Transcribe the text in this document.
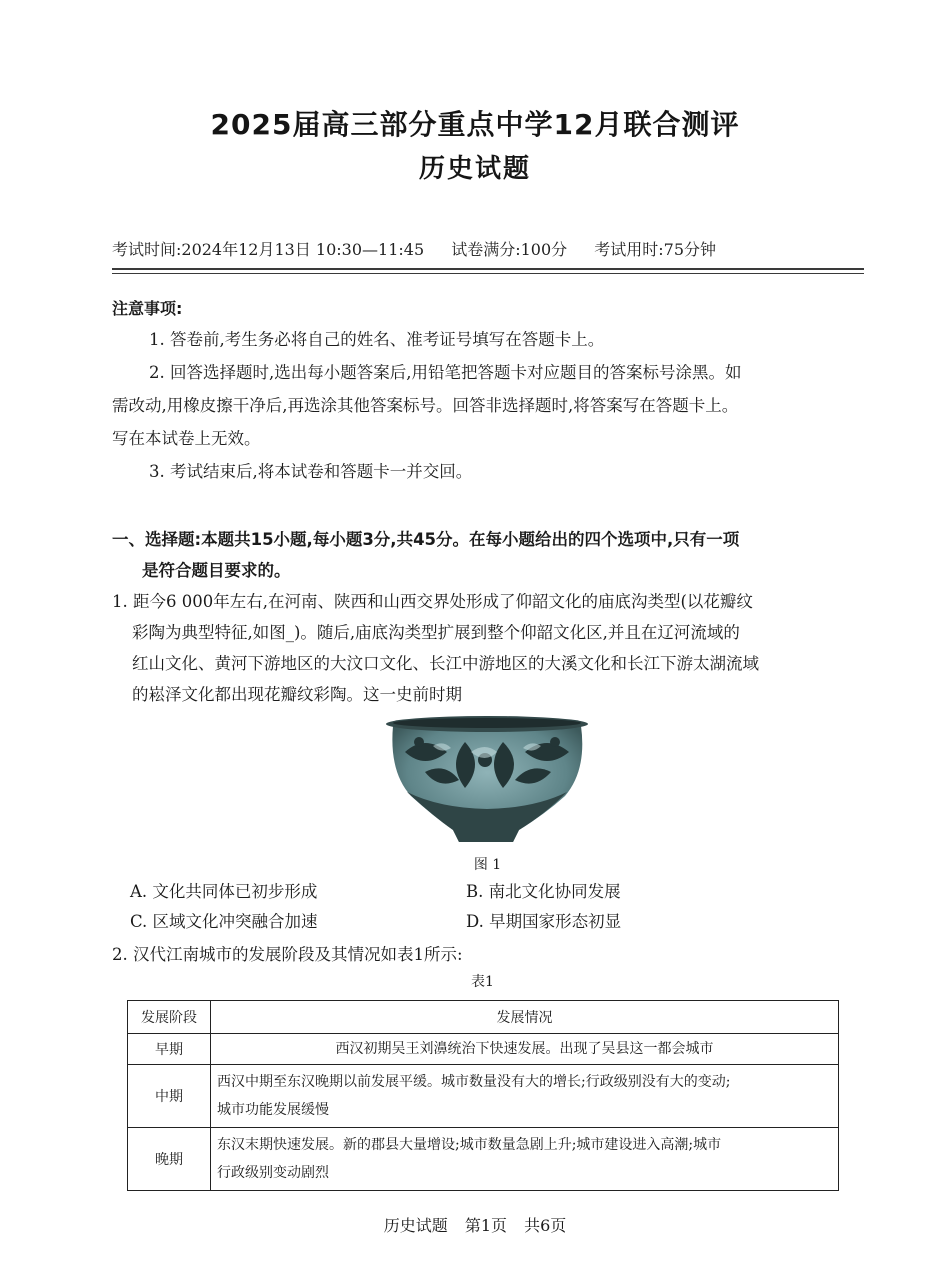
2025届高三部分重点中学12月联合测评
历史试题
考试时间:2024年12月13日 10:30—11:45 试卷满分:100分 考试用时:75分钟
注意事项:
1. 答卷前,考生务必将自己的姓名、准考证号填写在答题卡上。
2. 回答选择题时,选出每小题答案后,用铅笔把答题卡对应题目的答案标号涂黑。如
需改动,用橡皮擦干净后,再选涂其他答案标号。回答非选择题时,将答案写在答题卡上。
写在本试卷上无效。
3. 考试结束后,将本试卷和答题卡一并交回。
一、选择题:本题共15小题,每小题3分,共45分。在每小题给出的四个选项中,只有一项
是符合题目要求的。
1. 距今6 000年左右,在河南、陕西和山西交界处形成了仰韶文化的庙底沟类型(以花瓣纹
彩陶为典型特征,如图_)。随后,庙底沟类型扩展到整个仰韶文化区,并且在辽河流域的
红山文化、黄河下游地区的大汶口文化、长江中游地区的大溪文化和长江下游太湖流域
的崧泽文化都出现花瓣纹彩陶。这一史前时期
图 1
A. 文化共同体已初步形成	B. 南北文化协同发展
C. 区域文化冲突融合加速	D. 早期国家形态初显
2. 汉代江南城市的发展阶段及其情况如表1所示:
表1
发展阶段	发展情况
早期	西汉初期吴王刘濞统治下快速发展。出现了吴县这一都会城市
中期	西汉中期至东汉晚期以前发展平缓。城市数量没有大的增长;行政级别没有大的变动;
城市功能发展缓慢
晚期	东汉末期快速发展。新的郡县大量增设;城市数量急剧上升;城市建设进入高潮;城市
行政级别变动剧烈
历史试题 第1页 共6页
